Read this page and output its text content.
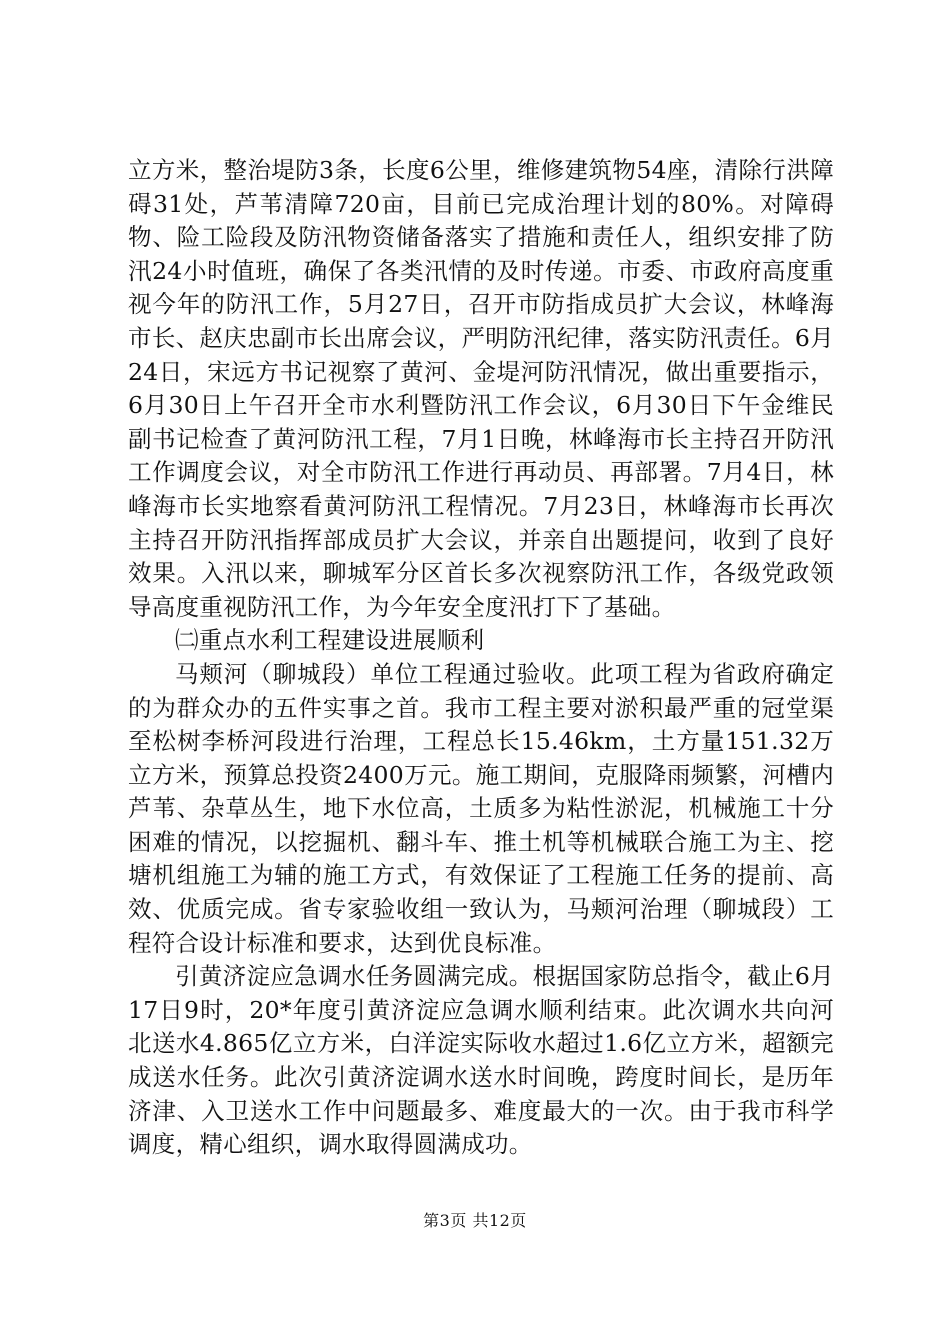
立方米，整治堤防3条，长度6公里，维修建筑物54座，清除行洪障碍31处，芦苇清障720亩，目前已完成治理计划的80%。对障碍物、险工险段及防汛物资储备落实了措施和责任人，组织安排了防汛24小时值班，确保了各类汛情的及时传递。市委、市政府高度重视今年的防汛工作，5月27日，召开市防指成员扩大会议，林峰海市长、赵庆忠副市长出席会议，严明防汛纪律，落实防汛责任。6月24日，宋远方书记视察了黄河、金堤河防汛情况，做出重要指示，6月30日上午召开全市水利暨防汛工作会议，6月30日下午金维民副书记检查了黄河防汛工程，7月1日晚，林峰海市长主持召开防汛工作调度会议，对全市防汛工作进行再动员、再部署。7月4日，林峰海市长实地察看黄河防汛工程情况。7月23日，林峰海市长再次主持召开防汛指挥部成员扩大会议，并亲自出题提问，收到了良好效果。入汛以来，聊城军分区首长多次视察防汛工作，各级党政领导高度重视防汛工作，为今年安全度汛打下了基础。

㈡重点水利工程建设进展顺利

马颊河（聊城段）单位工程通过验收。此项工程为省政府确定的为群众办的五件实事之首。我市工程主要对淤积最严重的冠堂渠至松树李桥河段进行治理，工程总长15.46km，土方量151.32万立方米，预算总投资2400万元。施工期间，克服降雨频繁，河槽内芦苇、杂草丛生，地下水位高，土质多为粘性淤泥，机械施工十分困难的情况，以挖掘机、翻斗车、推土机等机械联合施工为主、挖塘机组施工为辅的施工方式，有效保证了工程施工任务的提前、高效、优质完成。省专家验收组一致认为，马颊河治理（聊城段）工程符合设计标准和要求，达到优良标准。

引黄济淀应急调水任务圆满完成。根据国家防总指令，截止6月17日9时，20*年度引黄济淀应急调水顺利结束。此次调水共向河北送水4.865亿立方米，白洋淀实际收水超过1.6亿立方米，超额完成送水任务。此次引黄济淀调水送水时间晚，跨度时间长，是历年济津、入卫送水工作中问题最多、难度最大的一次。由于我市科学调度，精心组织，调水取得圆满成功。

第3页 共12页
